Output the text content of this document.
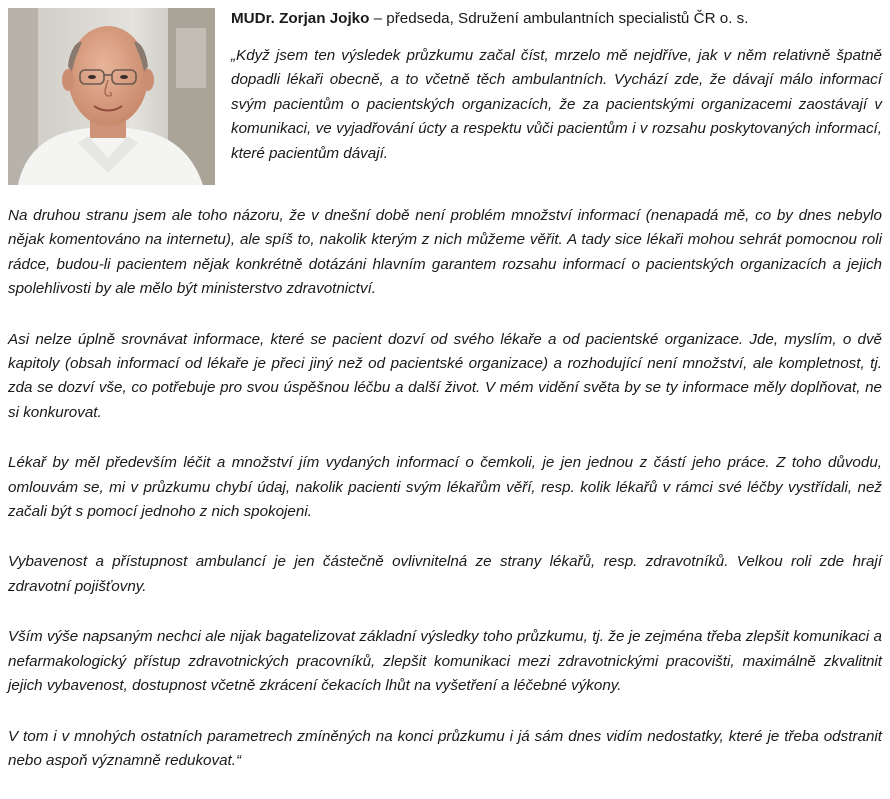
MUDr. Zorjan Jojko – předseda, Sdružení ambulantních specialistů ČR o. s.
„Když jsem ten výsledek průzkumu začal číst, mrzelo mě nejdříve, jak v něm relativně špatně dopadli lékaři obecně, a to včetně těch ambulantních. Vychází zde, že dávají málo informací svým pacientům o pacientských organizacích, že za pacientskými organizacemi zaostávají v komunikaci, ve vyjadřování úcty a respektu vůči pacientům i v rozsahu poskytovaných informací, které pacientům dávají.

Na druhou stranu jsem ale toho názoru, že v dnešní době není problém množství informací (nenapadá mě, co by dnes nebylo nějak komentováno na internetu), ale spíš to, nakolik kterým z nich můžeme věřit. A tady sice lékaři mohou sehrát pomocnou roli rádce, budou-li pacientem nějak konkrétně dotázáni hlavním garantem rozsahu informací o pacientských organizacích a jejich spolehlivosti by ale mělo být ministerstvo zdravotnictví.

Asi nelze úplně srovnávat informace, které se pacient dozví od svého lékaře a od pacientské organizace. Jde, myslím, o dvě kapitoly (obsah informací od lékaře je přeci jiný než od pacientské organizace) a rozhodující není množství, ale kompletnost, tj. zda se dozví vše, co potřebuje pro svou úspěšnou léčbu a další život. V mém vidění světa by se ty informace měly doplňovat, ne si konkurovat.

Lékař by měl především léčit a množství jím vydaných informací o čemkoli, je jen jednou z částí jeho práce. Z toho důvodu, omlouvám se, mi v průzkumu chybí údaj, nakolik pacienti svým lékařům věří, resp. kolik lékařů v rámci své léčby vystřídali, než začali být s pomocí jednoho z nich spokojeni.

Vybavenost a přístupnost ambulancí je jen částečně ovlivnitelná ze strany lékařů, resp. zdravotníků. Velkou roli zde hrají zdravotní pojišťovny.

Vším výše napsaným nechci ale nijak bagatelizovat základní výsledky toho průzkumu, tj. že je zejména třeba zlepšit komunikaci a nefarmakologický přístup zdravotnických pracovníků, zlepšit komunikaci mezi zdravotnickými pracovišti, maximálně zkvalitnit jejich vybavenost, dostupnost včetně zkrácení čekacích lhůt na vyšetření a léčebné výkony.

V tom i v mnohých ostatních parametrech zmíněných na konci průzkumu i já sám dnes vidím nedostatky, které je třeba odstranit nebo aspoň významně redukovat.“
